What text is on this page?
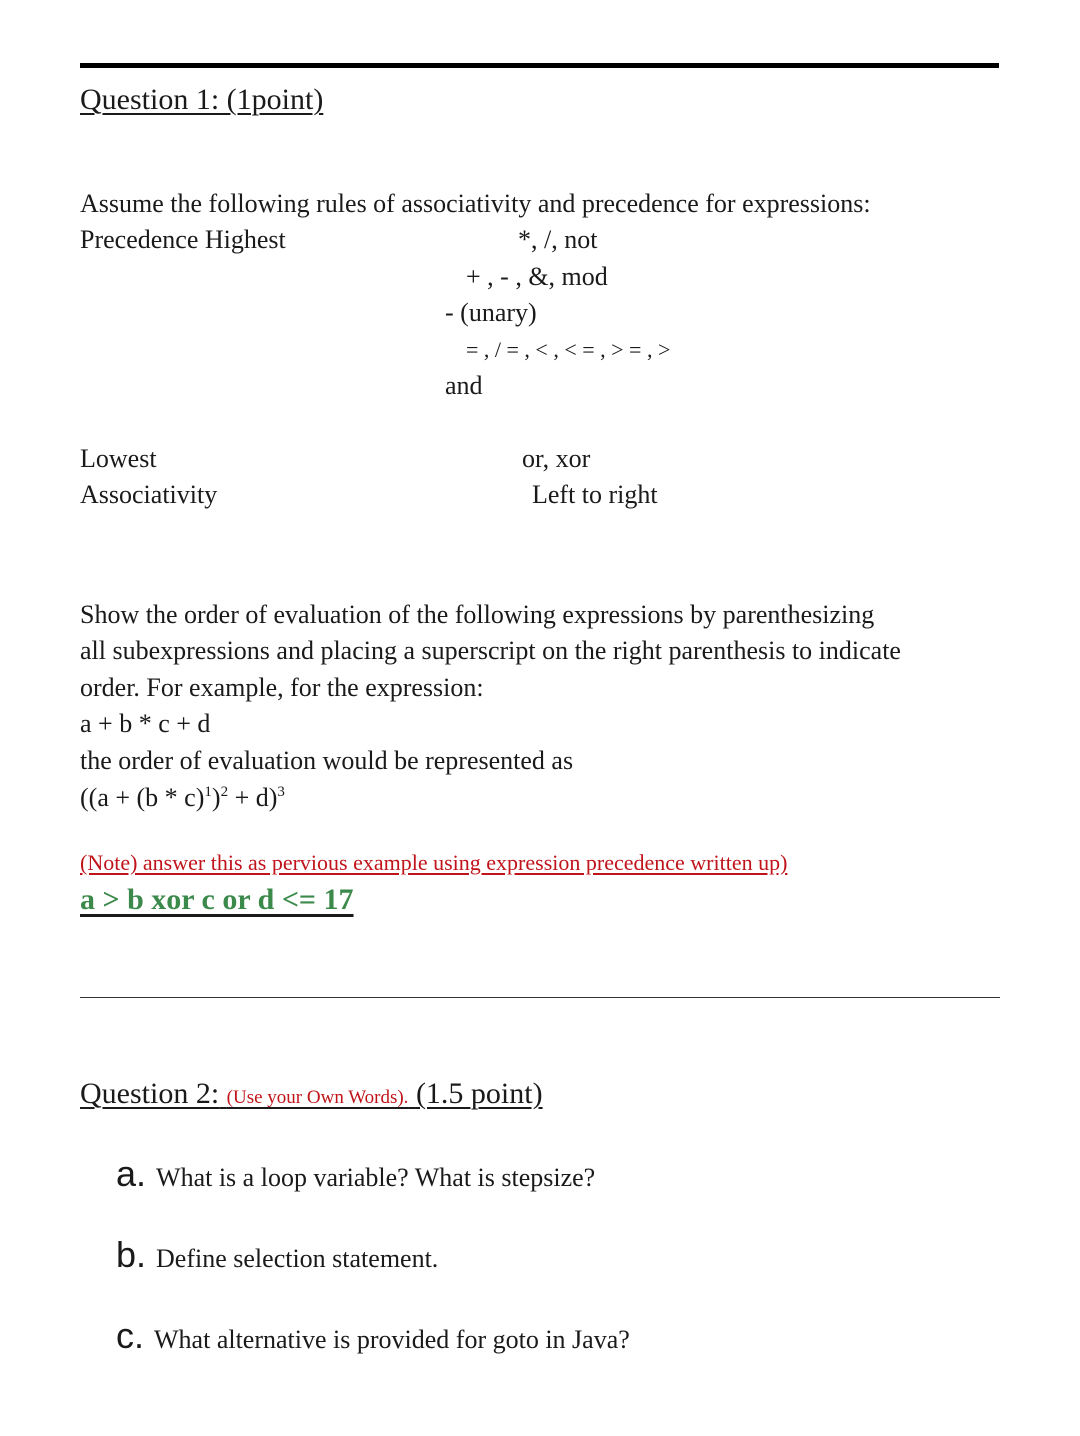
Question 1: (1point)
Assume the following rules of associativity and precedence for expressions:
Precedence Highest	*, /, not
+ , - , &, mod
- (unary)
= , / = , < , < = , > = , >
and
Lowest	or, xor
Associativity	Left to right
Show the order of evaluation of the following expressions by parenthesizing
all subexpressions and placing a superscript on the right parenthesis to indicate
order. For example, for the expression:
a + b * c + d
the order of evaluation would be represented as
$((a + (b * c)^1)^2 + d)^3$
(Note) answer this as pervious example using expression precedence written up)
a > b xor c or d <= 17
Question 2: (Use your Own Words). (1.5 point)
a. What is a loop variable? What is stepsize?
b. Define selection statement.
c. What alternative is provided for goto in Java?
